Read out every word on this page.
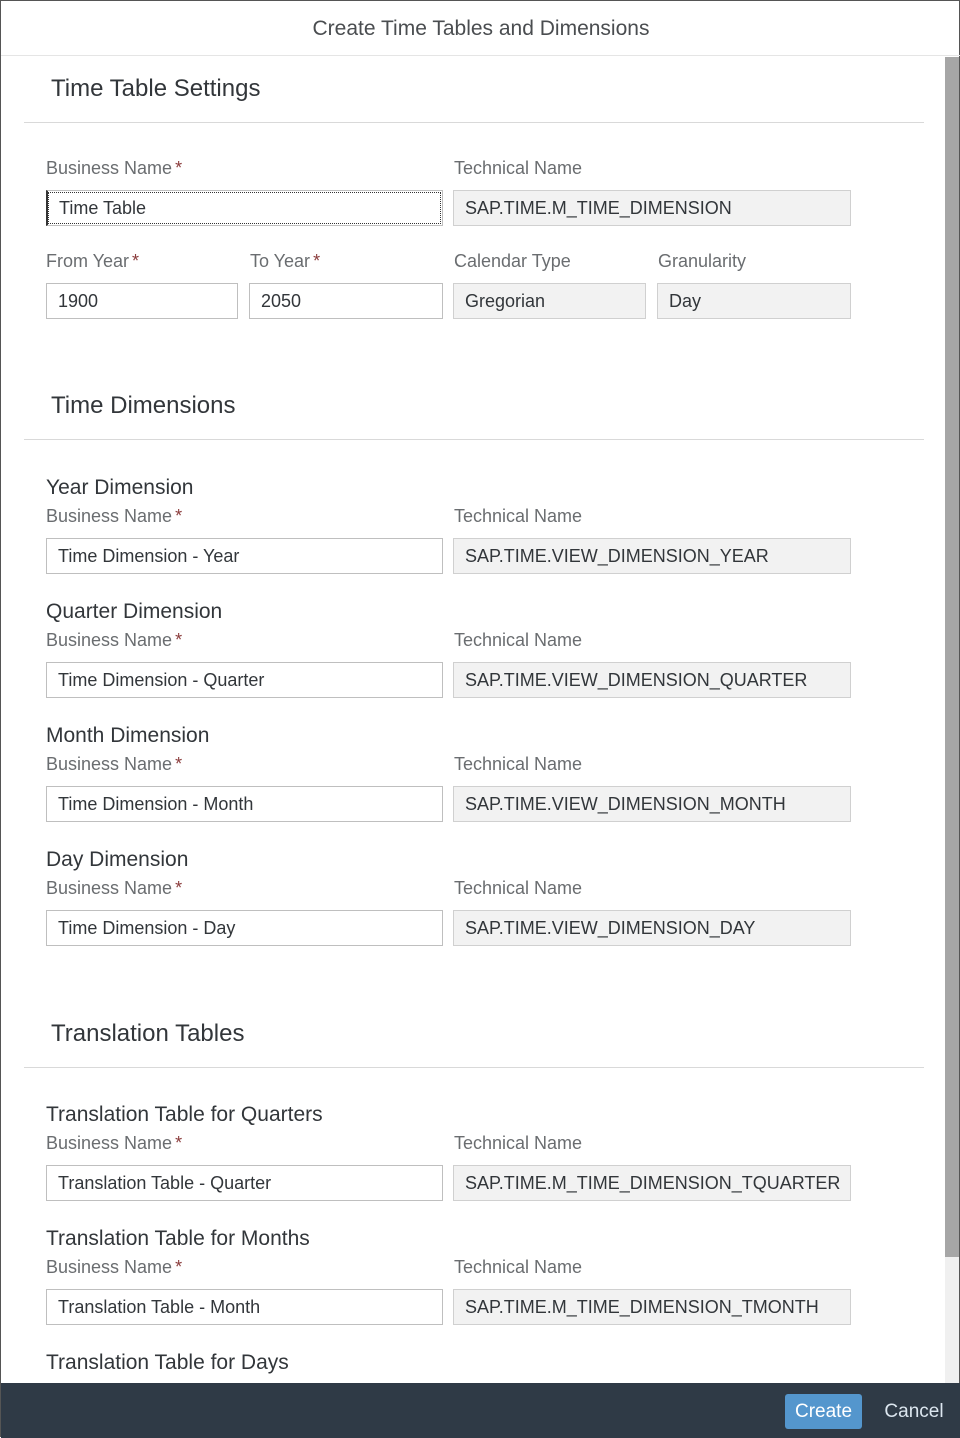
Create Time Tables and Dimensions
Time Table Settings
Business Name *	Technical Name
Time Table	SAP.TIME.M_TIME_DIMENSION
From Year *	To Year *	Calendar Type	Granularity
1900	2050	Gregorian	Day
Time Dimensions
Year Dimension
Business Name *	Technical Name
Time Dimension - Year	SAP.TIME.VIEW_DIMENSION_YEAR
Quarter Dimension
Business Name *	Technical Name
Time Dimension - Quarter	SAP.TIME.VIEW_DIMENSION_QUARTER
Month Dimension
Business Name *	Technical Name
Time Dimension - Month	SAP.TIME.VIEW_DIMENSION_MONTH
Day Dimension
Business Name *	Technical Name
Time Dimension - Day	SAP.TIME.VIEW_DIMENSION_DAY
Translation Tables
Translation Table for Quarters
Business Name *	Technical Name
Translation Table - Quarter	SAP.TIME.M_TIME_DIMENSION_TQUARTER
Translation Table for Months
Business Name *	Technical Name
Translation Table - Month	SAP.TIME.M_TIME_DIMENSION_TMONTH
Translation Table for Days
Create	Cancel
